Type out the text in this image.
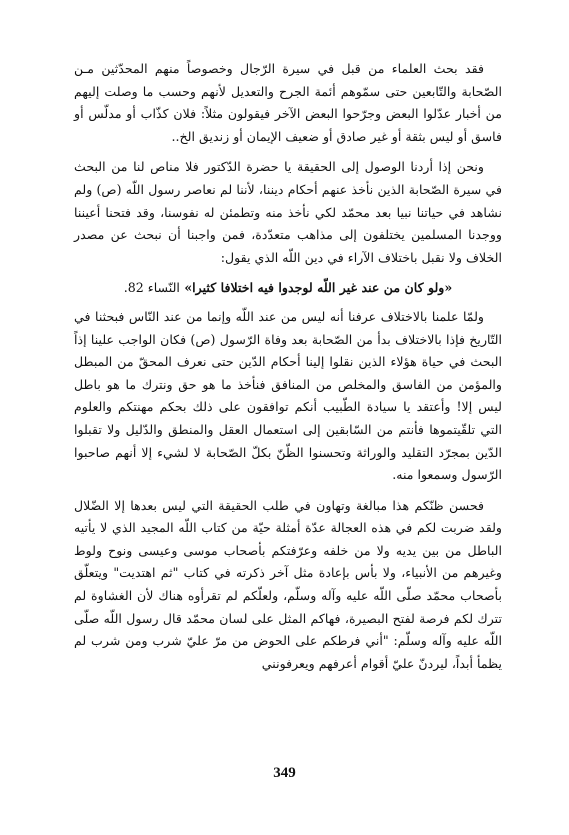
فقد بحث العلماء من قبل في سيرة الرّجال وخصوصاً منهم المحدّثين مـن الصّحابة والتّابعين حتى سمّوهم أئمة الجرح والتعديل لأنهم وحسب ما وصلت إليهم من أخبار عدّلوا البعض وجرّحوا البعض الآخر فيقولون مثلاً: فلان كذّاب أو مدلّس أو فاسق أو ليس بثقة أو غير صادق أو ضعيف الإيمان أو زنديق الخ..

ونحن إذا أردنا الوصول إلى الحقيقة يا حضرة الدّكتور فلا مناص لنا من البحث في سيرة الصّحابة الذين نأخذ عنهم أحكام ديننا، لأننا لم نعاصر رسول اللّه (ص) ولم نشاهد في حياتنا نبيا بعد محمّد لكي نأخذ منه وتطمئن له نفوسنا، وقد فتحنا أعيننا ووجدنا المسلمين يختلفون إلى مذاهب متعدّدة، فمن واجبنا أن نبحث عن مصدر الخلاف ولا نقبل باختلاف الآراء في دين اللّه الذي يقول:

«ولو كان من عند غير اللّه لوجدوا فيه اختلافا كثيرا» النّساء 82.

ولمّا علمنا بالاختلاف عرفنا أنه ليس من عند اللّه وإنما من عند النّاس فبحثنا في التّاريخ فإذا بالاختلاف بدأ من الصّحابة بعد وفاة الرّسول (ص) فكان الواجب علينا إذاً البحث في حياة هؤلاء الذين نقلوا إلينا أحكام الدّين حتى نعرف المحقّ من المبطل والمؤمن من الفاسق والمخلص من المنافق فنأخذ ما هو حق ونترك ما هو باطل ليس إلا! وأعتقد يا سيادة الطّبيب أنكم توافقون على ذلك بحكم مهنتكم والعلوم التي تلقّيتموها فأنتم من السّابقين إلى استعمال العقل والمنطق والدّليل ولا تقبلوا الدّين بمجرّد التقليد والوراثة وتحسنوا الظّنّ بكلّ الصّحابة لا لشيء إلا أنهم صاحبوا الرّسول وسمعوا منه.

فحسن ظنّكم هذا مبالغة وتهاون في طلب الحقيقة التي ليس بعدها إلا الضّلال ولقد ضربت لكم في هذه العجالة عدّة أمثلة حيّة من كتاب اللّه المجيد الذي لا يأتيه الباطل من بين يديه ولا من خلفه وعرّفتكم بأصحاب موسى وعيسى ونوح ولوط وغيرهم من الأنبياء، ولا بأس بإعادة مثل آخر ذكرته في كتاب "ثم اهتديت" ويتعلّق بأصحاب محمّد صلّى اللّه عليه وآله وسلّم، ولعلّكم لم تقرأوه هناك لأن الغشاوة لم تترك لكم فرصة لفتح البصيرة، فهاكم المثل على لسان محمّد قال رسول اللّه صلّى اللّه عليه وآله وسلّم: "أني فرطكم على الحوض من مرّ عليّ شرب ومن شرب لم يظمأ أبداً، ليردنّ عليّ أقوام أعرفهم ويعرفونني

349
